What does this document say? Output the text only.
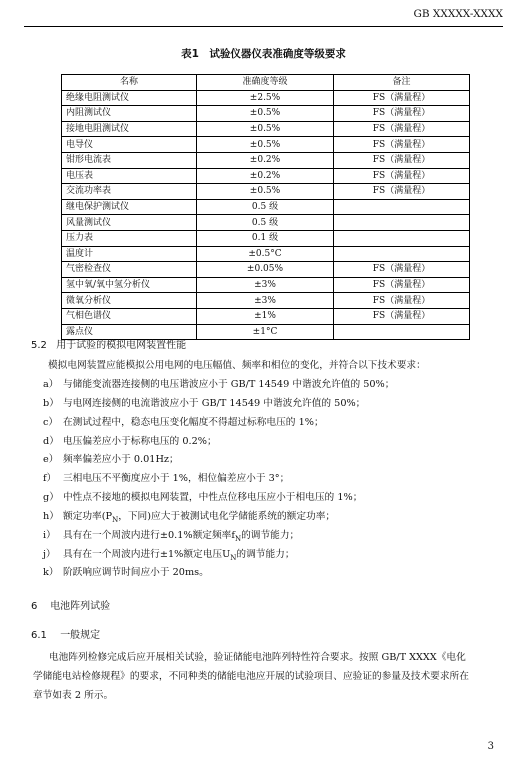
GB XXXXX-XXXX
表1　试验仪器仪表准确度等级要求
名称	准确度等级	备注
绝缘电阻测试仪	±2.5%	FS（满量程）
内阻测试仪	±0.5%	FS（满量程）
接地电阻测试仪	±0.5%	FS（满量程）
电导仪	±0.5%	FS（满量程）
钳形电流表	±0.2%	FS（满量程）
电压表	±0.2%	FS（满量程）
交流功率表	±0.5%	FS（满量程）
继电保护测试仪	0.5 级	
风量测试仪	0.5 级	
压力表	0.1 级	
温度计	±0.5°C	
气密检查仪	±0.05%	FS（满量程）
氢中氧/氧中氢分析仪	±3%	FS（满量程）
微氧分析仪	±3%	FS（满量程）
气相色谱仪	±1%	FS（满量程）
露点仪	±1°C	
5.2 用于试验的模拟电网装置性能
模拟电网装置应能模拟公用电网的电压幅值、频率和相位的变化，并符合以下技术要求：
a） 与储能变流器连接侧的电压谐波应小于 GB/T 14549 中谐波允许值的 50%；
b） 与电网连接侧的电流谐波应小于 GB/T 14549 中谐波允许值的 50%；
c） 在测试过程中，稳态电压变化幅度不得超过标称电压的 1%；
d） 电压偏差应小于标称电压的 0.2%；
e） 频率偏差应小于 0.01Hz；
f） 三相电压不平衡度应小于 1%，相位偏差应小于 3°；
g） 中性点不接地的模拟电网装置，中性点位移电压应小于相电压的 1%；
h） 额定功率($P_N$，下同)应大于被测试电化学储能系统的额定功率；
i） 具有在一个周波内进行±0.1%额定频率$f_N$的调节能力；
j） 具有在一个周波内进行±1%额定电压$U_N$的调节能力；
k） 阶跃响应调节时间应小于 20ms。
6 电池阵列试验
6.1 一般规定
电池阵列检修完成后应开展相关试验，验证储能电池阵列特性符合要求。按照 GB/T XXXX《电化
学储能电站检修规程》的要求，不同种类的储能电池应开展的试验项目、应验证的参量及技术要求所在
章节如表 2 所示。
3
